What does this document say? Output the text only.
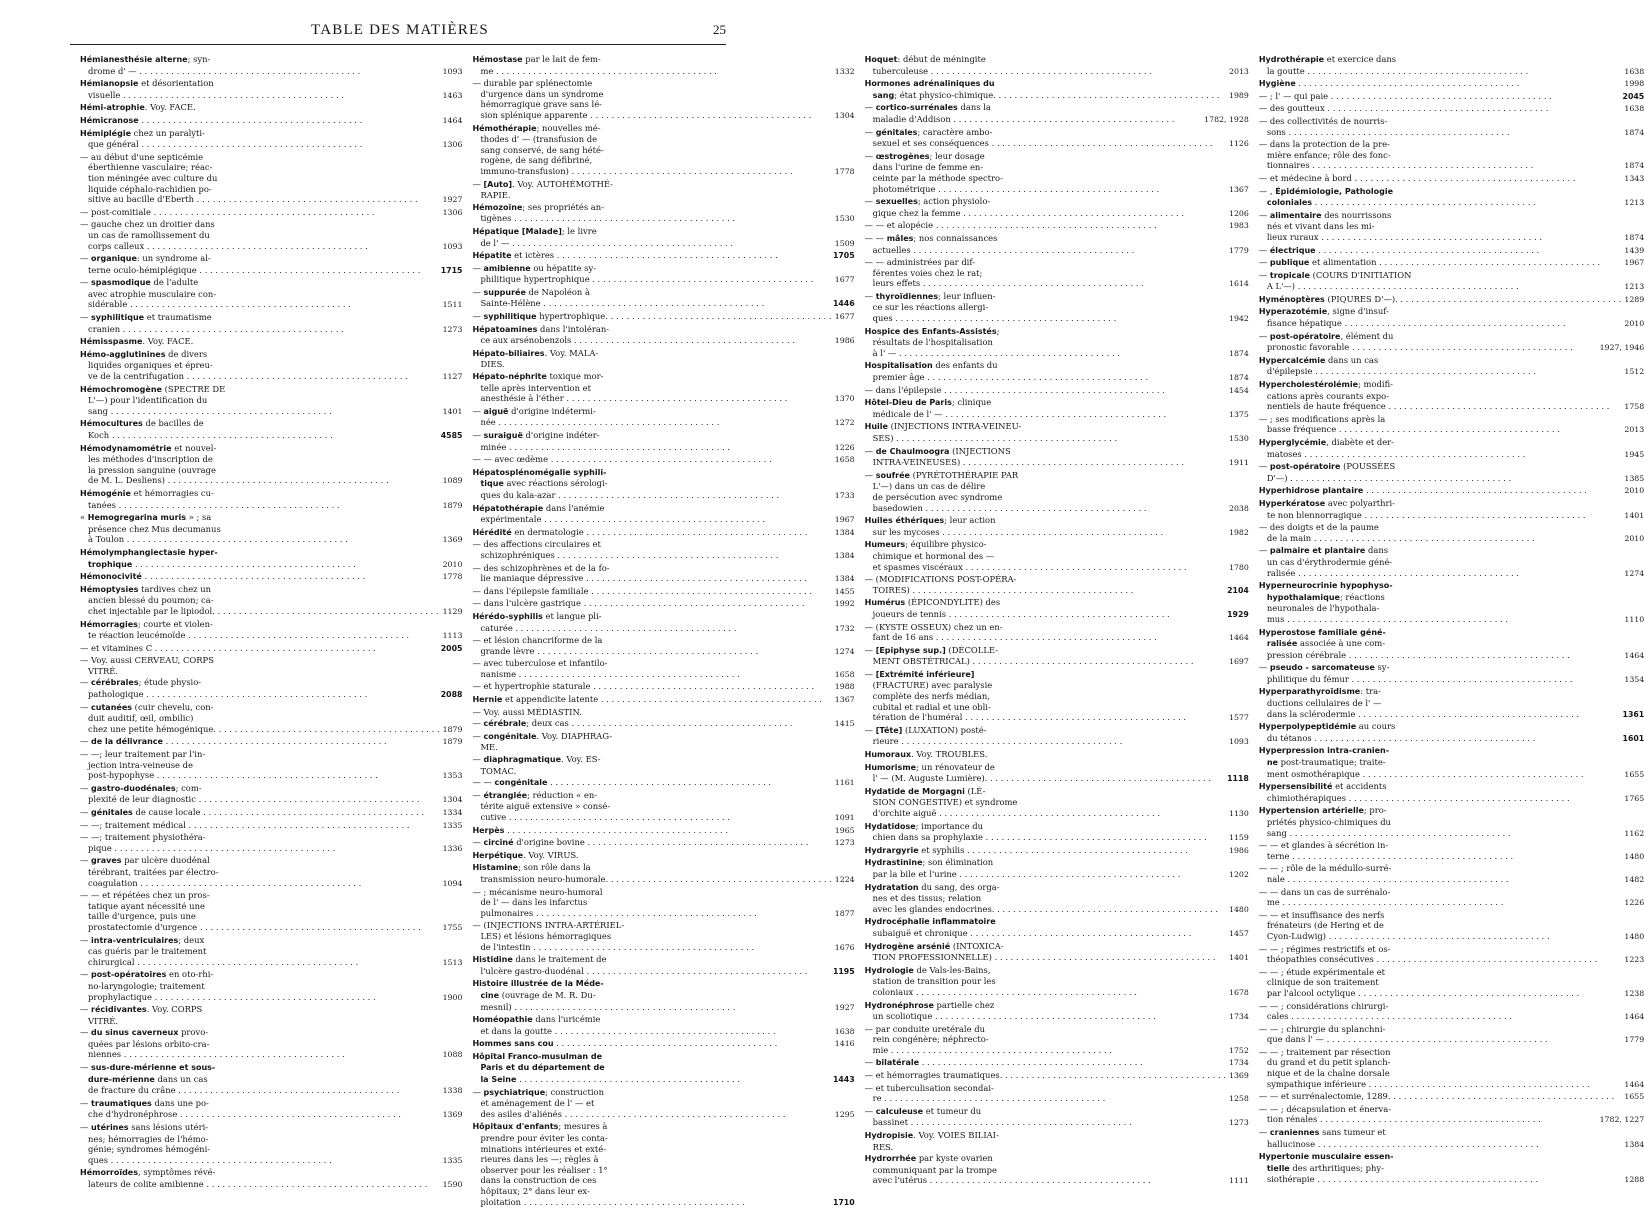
TABLE DES MATIÈRES	25
Hémianesthésie alterne; syn-
drome d' — . . .	1093
Hémianopsie et désorientation
visuelle . . .	1463
Hémi-atrophie. Voy. FACE.
Hémicranose . . .	1464
Hémiplégie chez un paralyti-
que général . . .	1306
— au début d'une septicémie
éberthienne vasculaire; réac-
tion méningée avec culture du
liquide céphalo-rachidien po-
sitive au bacille d'Eberth . . .	1927
— post-comitiale . . .	1306
— gauche chez un droitier dans
un cas de ramollissement du
corps calleux . . .	1093
— organique: un syndrome al-
terne oculo-hémiplégique . . .	1715
— spasmodique de l'adulte
avec atrophie musculaire con-
sidérable . . .	1511
— syphilitique et traumatisme
cranien . . .	1273
Hémisspasme. Voy. FACE.
Hémo-agglutinines de divers
liquides organiques et épreu-
ve de la centrifugation . . .	1127
Hémochromogène (SPECTRE DE
L'—) pour l'identification du
sang . . .	1401
Hémocultures de bacilles de
Koch . . .	4585
Hémodynamométrie et nouvel-
les méthodes d'inscription de
la pression sanguine (ouvrage
de M. L. Desliens) . . .	1089
Hémogénie et hémorragies cu-
tanées . . .	1879
« Hemogregarina muris » ; sa
présence chez Mus decumanus
à Toulon . . .	1369
Hémolymphangiectasie hyper-
trophique . . .	2010
Hémonocivité . . .	1778
Hémoptysies tardives chez un
ancien blessé du poumon; ca-
chet injectable par le lipiodol. . . .	1129
Hémorragies; courte et violen-
te réaction leucémoïde . . .	1113
— et vitamines C . . .	2005
— Voy. aussi CERVEAU, CORPS
VITRÉ.
— cérébrales; étude physio-
pathologique . . .	2088
— cutanées (cuir chevelu, con-
duit auditif, œil, ombilic)
chez une petite hémogénique. . . .	1879
— de la délivrance . . .	1879
— —; leur traitement par l'in-
jection intra-veineuse de
post-hypophyse . . .	1353
— gastro-duodénales; com-
plexité de leur diagnostic . . .	1304
— génitales de cause locale . . .	1334
— —; traitement médical . . .	1335
— —; traitement physiothéra-
pique . . .	1336
— graves par ulcère duodénal
térébrant, traitées par électro-
coagulation . . .	1094
— — et répétées chez un pros-
tatique ayant nécessité une
taille d'urgence, puis une
prostatectomie d'urgence . . .	1755
— intra-ventriculaires; deux
cas guéris par le traitement
chirurgical . . .	1513
— post-opératoires en oto-rhi-
no-laryngologie; traitement
prophylactique . . .	1900
— récidivantes. Voy. CORPS
VITRÉ.
— du sinus caverneux provo-
quées par lésions orbito-cra-
niennes . . .	1088
— sus-dure-mérienne et sous-
dure-mérienne dans un cas
de fracture du crâne . . .	1338
— traumatiques dans une po-
che d'hydronéphrose . . .	1369
— utérines sans lésions utéri-
nes; hémorragies de l'hémo-
génie; syndromes hémogéni-
ques . . .	1335
Hémorroïdes, symptômes révé-
lateurs de colite amibienne . . .	1590
Hémostase par le lait de fem-
me . . .	1332
— durable par splénectomie
d'urgence dans un syndrome
hémorragique grave sans lé-
sion splénique apparente . . .	1304
Hémothérapie; nouvelles mé-
thodes d' — (transfusion de
sang conservé, de sang hété-
rogène, de sang défibriné,
immuno-transfusion) . . .	1778
— [Auto]. Voy. AUTOHÉMOTHÉ-
RAPIE.
Hémozoïne; ses propriétés an-
tigènes . . .	1530
Hépatique [Malade]; le livre
de l' — . . .	1509
Hépatite et ictères . . .	1705
— amibienne ou hépatite sy-
philitique hypertrophique . . .	1677
— suppurée de Napoléon à
Sainte-Hélène . . .	1446
— syphilitique hypertrophique. . . .	1677
Hépatoamines dans l'intoléran-
ce aux arsénobenzols . . .	1986
Hépato-biliaires. Voy. MALA-
DIES.
Hépato-néphrite toxique mor-
telle après intervention et
anesthésie à l'éther . . .	1370
— aiguë d'origine indétermi-
née . . .	1272
— suraiguë d'origine indéter-
minée . . .	1226
— — avec œdème . . .	1658
Hépatosplénomégalie syphili-
tique avec réactions sérologi-
ques du kala-azar . . .	1733
Hépatothérapie dans l'anémie
expérimentale . . .	1967
Hérédité en dermatologie . . .	1384
— des affections circulaires et
schizophréniques . . .	1384
— des schizophrènes et de la fo-
lie maniaque dépressive . . .	1384
— dans l'épilepsie familiale . . .	1455
— dans l'ulcère gastrique . . .	1992
Hérédo-syphilis et langue pli-
caturée . . .	1732
— et lésion chancriforme de la
grande lèvre . . .	1274
— avec tuberculose et infantilo-
nanisme . . .	1658
— et hypertrophie staturale . . .	1988
Hernie et appendicite latente . . .	1367
— Voy. aussi MÉDIASTIN.
— cérébrale; deux cas . . .	1415
— congénitale. Voy. DIAPHRAG-
ME.
— diaphragmatique. Voy. ES-
TOMAC.
— — congénitale . . .	1161
— étranglée; réduction « en-
térite aiguë extensive » consé-
cutive . . .	1091
Herpès . . .	1965
— circiné d'origine bovine . . .	1273
Herpétique. Voy. VIRUS.
Histamine; son rôle dans la
transmission neuro-humorale. . . .	1224
— ; mécanisme neuro-humoral
de l' — dans les infarctus
pulmonaires . . .	1877
— (INJECTIONS INTRA-ARTÉRIEL-
LES) et lésions hémorragiques
de l'intestin . . .	1676
Histidine dans le traitement de
l'ulcère gastro-duodénal . . .	1195
Histoire illustrée de la Méde-
cine (ouvrage de M. R. Du-
mesnil) . . .	1927
Homéopathie dans l'uricémie
et dans la goutte . . .	1638
Hommes sans cou . . .	1416
Hôpital Franco-musulman de
Paris et du département de
la Seine . . .	1443
— psychiatrique; construction
et aménagement de l' — et
des asiles d'aliénés . . .	1295
Hôpitaux d'enfants; mesures à
prendre pour éviter les conta-
minations intérieures et exté-
rieures dans les —; règles à
observer pour les réaliser : 1°
dans la construction de ces
hôpitaux; 2° dans leur ex-
ploitation . . .	1710
Hoquet: début de méningite
tuberculeuse . . .	2013
Hormones adrénaliniques du
sang; état physico-chimique. . . .	1989
— cortico-surrénales dans la
maladie d'Addison . . .	1782, 1928
— génitales; caractère ambo-
sexuel et ses conséquences . . .	1126
— œstrogènes; leur dosage
dans l'urine de femme en-
ceinte par la méthode spectro-
photométrique . . .	1367
— sexuelles; action physiolo-
gique chez la femme . . .	1206
— — et alopécie . . .	1983
— — mâles; nos connaissances
actuelles . . .	1779
— — administrées par dif-
férentes voies chez le rat;
leurs effets . . .	1614
— thyroïdiennes; leur influen-
ce sur les réactions allergi-
ques . . .	1942
Hospice des Enfants-Assistés;
résultats de l'hospitalisation
à l' — . . .	1874
Hospitalisation des enfants du
premier âge . . .	1874
— dans l'épilepsie . . .	1454
Hôtel-Dieu de Paris; clinique
médicale de l' — . . .	1375
Huile (INJECTIONS INTRA-VEINEU-
SES) . . .	1530
— de Chaulmoogra (INJECTIONS
INTRA-VEINEUSES) . . .	1911
— soufrée (PYRÉTOTHÉRAPIE PAR
L'—) dans un cas de délire
de persécution avec syndrome
basedowien . . .	2038
Huiles éthériques; leur action
sur les mycoses . . .	1982
Humeurs; équilibre physico-
chimique et hormonal des —
et spasmes viscéraux . . .	1780
— (MODIFICATIONS POST-OPÉRA-
TOIRES) . . .	2104
Humérus (ÉPICONDYLITE) des
joueurs de tennis . . .	1929
— (KYSTE OSSEUX) chez un en-
fant de 16 ans . . .	1464
— [Epiphyse sup.] (DÉCOLLE-
MENT OBSTÉTRICAL) . . .	1697
— [Extrémité inférieure]
(FRACTURE) avec paralysie
complète des nerfs médian,
cubital et radial et une obli-
tération de l'huméral . . .	1577
— [Tête] (LUXATION) posté-
rieure . . .	1093
Humoraux. Voy. TROUBLES.
Humorisme; un rénovateur de
l' — (M. Auguste Lumière). . . .	1118
Hydatide de Morgagni (LÉ-
SION CONGESTIVE) et syndrome
d'orchite aiguë . . .	1130
Hydatidose; importance du
chien dans sa prophylaxie . . .	1159
Hydrargyrie et syphilis . . .	1986
Hydrastinine; son élimination
par la bile et l'urine . . .	1202
Hydratation du sang, des orga-
nes et des tissus; relation
avec les glandes endocrines. . . .	1480
Hydrocéphalie inflammatoire
subaiguë et chronique . . .	1457
Hydrogène arsénié (INTOXICA-
TION PROFESSIONNELLE) . . .	1401
Hydrologie de Vals-les-Bains,
station de transition pour les
coloniaux . . .	1678
Hydronéphrose partielle chez
un scoliotique . . .	1734
— par conduite uretérale du
rein congénère; néphrecto-
mie . . .	1752
— bilatérale . . .	1734
— et hémorragies traumatiques. . . .	1369
— et tuberculisation secondai-
re . . .	1258
— calculeuse et tumeur du
bassinet . . .	1273
Hydropisie. Voy. VOIES BILIAI-
RES.
Hydrorrhée par kyste ovarien
communiquant par la trompe
avec l'utérus . . .	1111
Hydrothérapie et exercice dans
la goutte . . .	1638
Hygiène . . .	1998
— ; l' — qui paie . . .	2045
— des goutteux . . .	1638
— des collectivités de nourris-
sons . . .	1874
— dans la protection de la pre-
mière enfance; rôle des fonc-
tionnaires . . .	1874
— et médecine à bord . . .	1343
— , Épidémiologie, Pathologie
coloniales . . .	1213
— alimentaire des nourrissons
nés et vivant dans les mi-
lieux ruraux . . .	1874
— électrique . . .	1439
— publique et alimentation . . .	1967
— tropicale (COURS D'INITIATION
A L'—) . . .	1213
Hyménoptères (PIQURES D'—). . . .	1289
Hyperazotémie, signe d'insuf-
fisance hépatique . . .	2010
— post-opératoire, élément du
pronostic favorable . . .	1927, 1946
Hypercalcémie dans un cas
d'épilepsie . . .	1512
Hypercholestérolémie; modifi-
cations après courants expo-
nentiels de haute fréquence . . .	1758
— ; ses modifications après la
basse fréquence . . .	2013
Hyperglycémie, diabète et der-
matoses . . .	1945
— post-opératoire (POUSSÉES
D'—) . . .	1385
Hyperhidrose plantaire . . .	2010
Hyperkératose avec polyarthri-
te non blennorragique . . .	1401
— des doigts et de la paume
de la main . . .	2010
— palmaire et plantaire dans
un cas d'érythrodermie géné-
ralisée . . .	1274
Hyperneurocrinie hypophyso-
hypothalamique; réactions
neuronales de l'hypothala-
mus . . .	1110
Hyperostose familiale géné-
ralisée associée à une com-
pression cérébrale . . .	1464
— pseudo - sarcomateuse sy-
philitique du fémur . . .	1354
Hyperparathyroïdisme: tra-
ductions cellulaires de l' —
dans la sclérodermie . . .	1361
Hyperpolypeptidémie au cours
du tétanos . . .	1601
Hyperpression intra-cranien-
ne post-traumatique; traite-
ment osmothérapique . . .	1655
Hypersensibilité et accidents
chimiothérapiques . . .	1765
Hypertension artérielle; pro-
priétés physico-chimiques du
sang . . .	1162
— — et glandes à sécrétion in-
terne . . .	1480
— — ; rôle de la médullo-surré-
nale . . .	1482
— — dans un cas de surrénalo-
me . . .	1226
— — et insuffisance des nerfs
frénateurs (de Hering et de
Cyon-Ludwig) . . .	1480
— — ; régimes restrictifs et os-
théopathies consécutives . . .	1223
— — ; étude expérimentale et
clinique de son traitement
par l'alcool octylique . . .	1238
— — ; considérations chirurgi-
cales . . .	1464
— — ; chirurgie du splanchni-
que dans l' — . . .	1779
— — ; traitement par résection
du grand et du petit splanch-
nique et de la chaîne dorsale
sympathique inférieure . . .	1464
— — et surrénalectomie, 1289. . . .	1655
— — ; décapsulation et énerva-
tion rénales . . .	1782, 1227
— craniennes sans tumeur et
hallucinose . . .	1384
Hypertonie musculaire essen-
tielle des arthritiques; phy-
siothérapie . . .	1288
